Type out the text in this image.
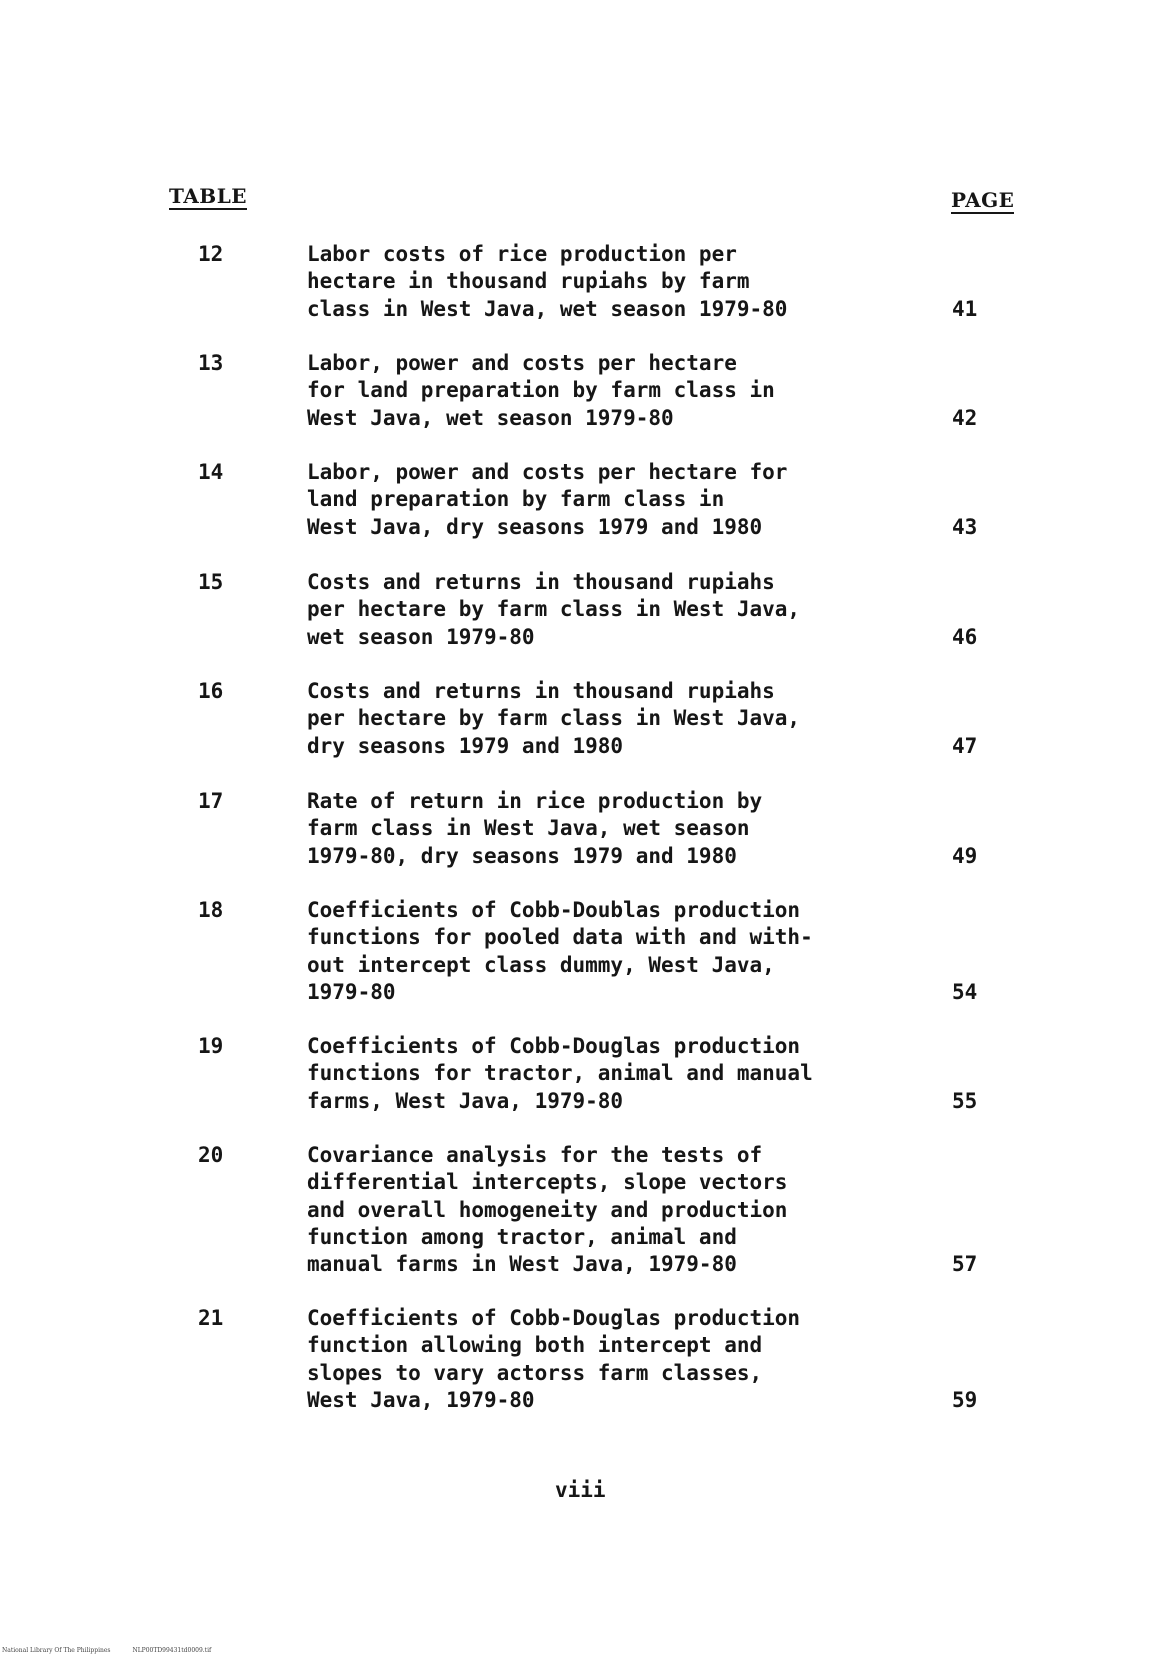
TABLE	PAGE
12	Labor costs of rice production per
hectare in thousand rupiahs by farm
class in West Java, wet season 1979-80	41
13	Labor, power and costs per hectare
for land preparation by farm class in
West Java, wet season 1979-80	42
14	Labor, power and costs per hectare for
land preparation by farm class in
West Java, dry seasons 1979 and 1980	43
15	Costs and returns in thousand rupiahs
per hectare by farm class in West Java,
wet season 1979-80	46
16	Costs and returns in thousand rupiahs
per hectare by farm class in West Java,
dry seasons 1979 and 1980	47
17	Rate of return in rice production by
farm class in West Java, wet season
1979-80, dry seasons 1979 and 1980	49
18	Coefficients of Cobb-Doublas production
functions for pooled data with and with-
out intercept class dummy, West Java,
1979-80	54
19	Coefficients of Cobb-Douglas production
functions for tractor, animal and manual
farms, West Java, 1979-80	55
20	Covariance analysis for the tests of
differential intercepts, slope vectors
and overall homogeneity and production
function among tractor, animal and
manual farms in West Java, 1979-80	57
21	Coefficients of Cobb-Douglas production
function allowing both intercept and
slopes to vary actorss farm classes,
West Java, 1979-80	59
viii
National Library Of The Philippines	NLP00TD99431td0009.tif
